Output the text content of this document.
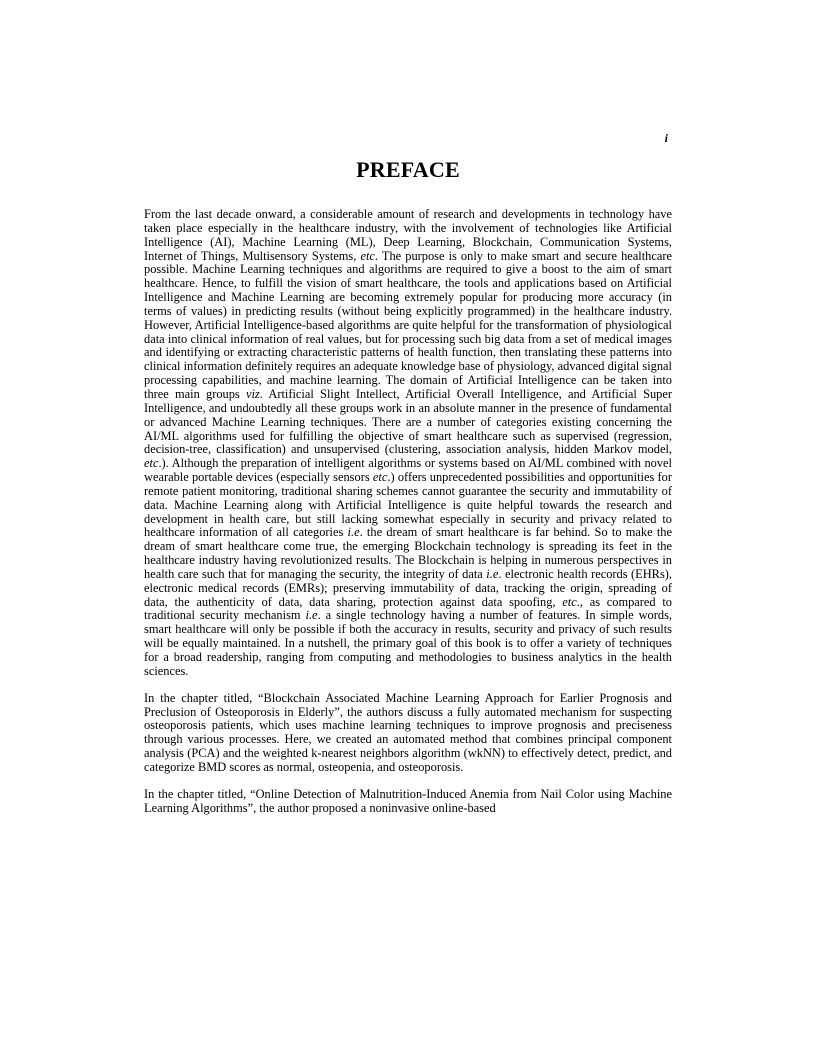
i
PREFACE

From the last decade onward, a considerable amount of research and developments in technology have taken place especially in the healthcare industry, with the involvement of technologies like Artificial Intelligence (AI), Machine Learning (ML), Deep Learning, Blockchain, Communication Systems, Internet of Things, Multisensory Systems, etc. The purpose is only to make smart and secure healthcare possible. Machine Learning techniques and algorithms are required to give a boost to the aim of smart healthcare. Hence, to fulfill the vision of smart healthcare, the tools and applications based on Artificial Intelligence and Machine Learning are becoming extremely popular for producing more accuracy (in terms of values) in predicting results (without being explicitly programmed) in the healthcare industry. However, Artificial Intelligence-based algorithms are quite helpful for the transformation of physiological data into clinical information of real values, but for processing such big data from a set of medical images and identifying or extracting characteristic patterns of health function, then translating these patterns into clinical information definitely requires an adequate knowledge base of physiology, advanced digital signal processing capabilities, and machine learning. The domain of Artificial Intelligence can be taken into three main groups viz. Artificial Slight Intellect, Artificial Overall Intelligence, and Artificial Super Intelligence, and undoubtedly all these groups work in an absolute manner in the presence of fundamental or advanced Machine Learning techniques. There are a number of categories existing concerning the AI/ML algorithms used for fulfilling the objective of smart healthcare such as supervised (regression, decision-tree, classification) and unsupervised (clustering, association analysis, hidden Markov model, etc.). Although the preparation of intelligent algorithms or systems based on AI/ML combined with novel wearable portable devices (especially sensors etc.) offers unprecedented possibilities and opportunities for remote patient monitoring, traditional sharing schemes cannot guarantee the security and immutability of data. Machine Learning along with Artificial Intelligence is quite helpful towards the research and development in health care, but still lacking somewhat especially in security and privacy related to healthcare information of all categories i.e. the dream of smart healthcare is far behind. So to make the dream of smart healthcare come true, the emerging Blockchain technology is spreading its feet in the healthcare industry having revolutionized results. The Blockchain is helping in numerous perspectives in health care such that for managing the security, the integrity of data i.e. electronic health records (EHRs), electronic medical records (EMRs); preserving immutability of data, tracking the origin, spreading of data, the authenticity of data, data sharing, protection against data spoofing, etc., as compared to traditional security mechanism i.e. a single technology having a number of features. In simple words, smart healthcare will only be possible if both the accuracy in results, security and privacy of such results will be equally maintained. In a nutshell, the primary goal of this book is to offer a variety of techniques for a broad readership, ranging from computing and methodologies to business analytics in the health sciences.

In the chapter titled, “Blockchain Associated Machine Learning Approach for Earlier Prognosis and Preclusion of Osteoporosis in Elderly”, the authors discuss a fully automated mechanism for suspecting osteoporosis patients, which uses machine learning techniques to improve prognosis and preciseness through various processes. Here, we created an automated method that combines principal component analysis (PCA) and the weighted k-nearest neighbors algorithm (wkNN) to effectively detect, predict, and categorize BMD scores as normal, osteopenia, and osteoporosis.

In the chapter titled, “Online Detection of Malnutrition-Induced Anemia from Nail Color using Machine Learning Algorithms”, the author proposed a noninvasive online-based
